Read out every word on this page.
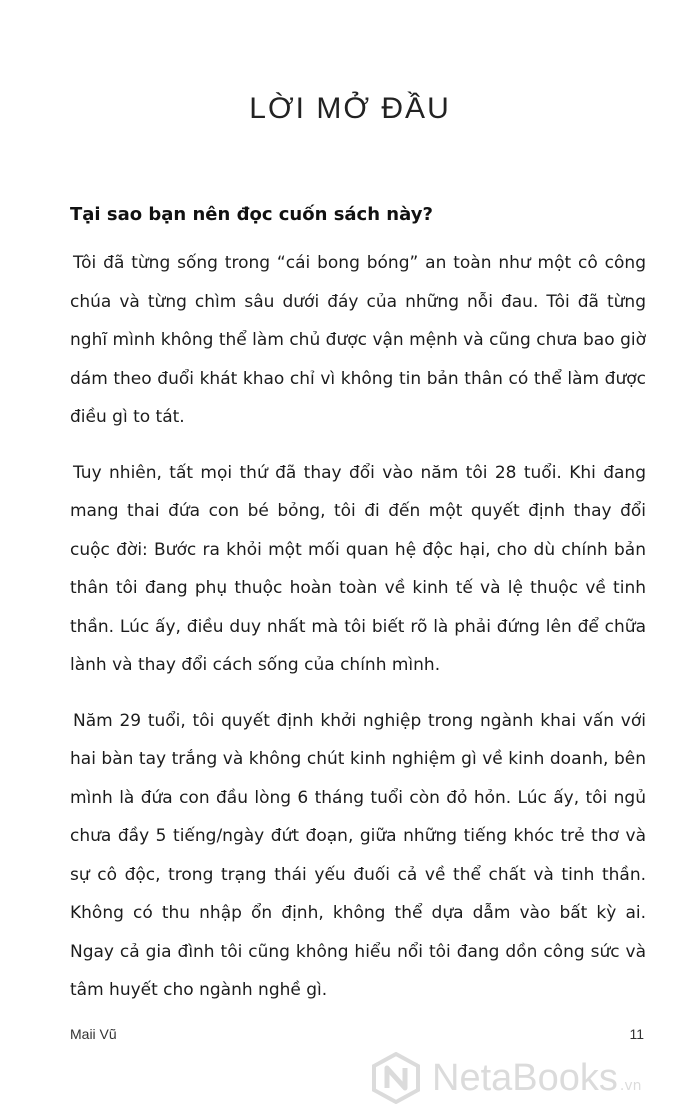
LỜI MỞ ĐẦU

Tại sao bạn nên đọc cuốn sách này?

Tôi đã từng sống trong “cái bong bóng” an toàn như một cô công chúa và từng chìm sâu dưới đáy của những nỗi đau. Tôi đã từng nghĩ mình không thể làm chủ được vận mệnh và cũng chưa bao giờ dám theo đuổi khát khao chỉ vì không tin bản thân có thể làm được điều gì to tát.

Tuy nhiên, tất mọi thứ đã thay đổi vào năm tôi 28 tuổi. Khi đang mang thai đứa con bé bỏng, tôi đi đến một quyết định thay đổi cuộc đời: Bước ra khỏi một mối quan hệ độc hại, cho dù chính bản thân tôi đang phụ thuộc hoàn toàn về kinh tế và lệ thuộc về tinh thần. Lúc ấy, điều duy nhất mà tôi biết rõ là phải đứng lên để chữa lành và thay đổi cách sống của chính mình.

Năm 29 tuổi, tôi quyết định khởi nghiệp trong ngành khai vấn với hai bàn tay trắng và không chút kinh nghiệm gì về kinh doanh, bên mình là đứa con đầu lòng 6 tháng tuổi còn đỏ hỏn. Lúc ấy, tôi ngủ chưa đầy 5 tiếng/ngày đứt đoạn, giữa những tiếng khóc trẻ thơ và sự cô độc, trong trạng thái yếu đuối cả về thể chất và tinh thần. Không có thu nhập ổn định, không thể dựa dẫm vào bất kỳ ai. Ngay cả gia đình tôi cũng không hiểu nổi tôi đang dồn công sức và tâm huyết cho ngành nghề gì.

Maii Vũ	11
NetaBooks .vn
